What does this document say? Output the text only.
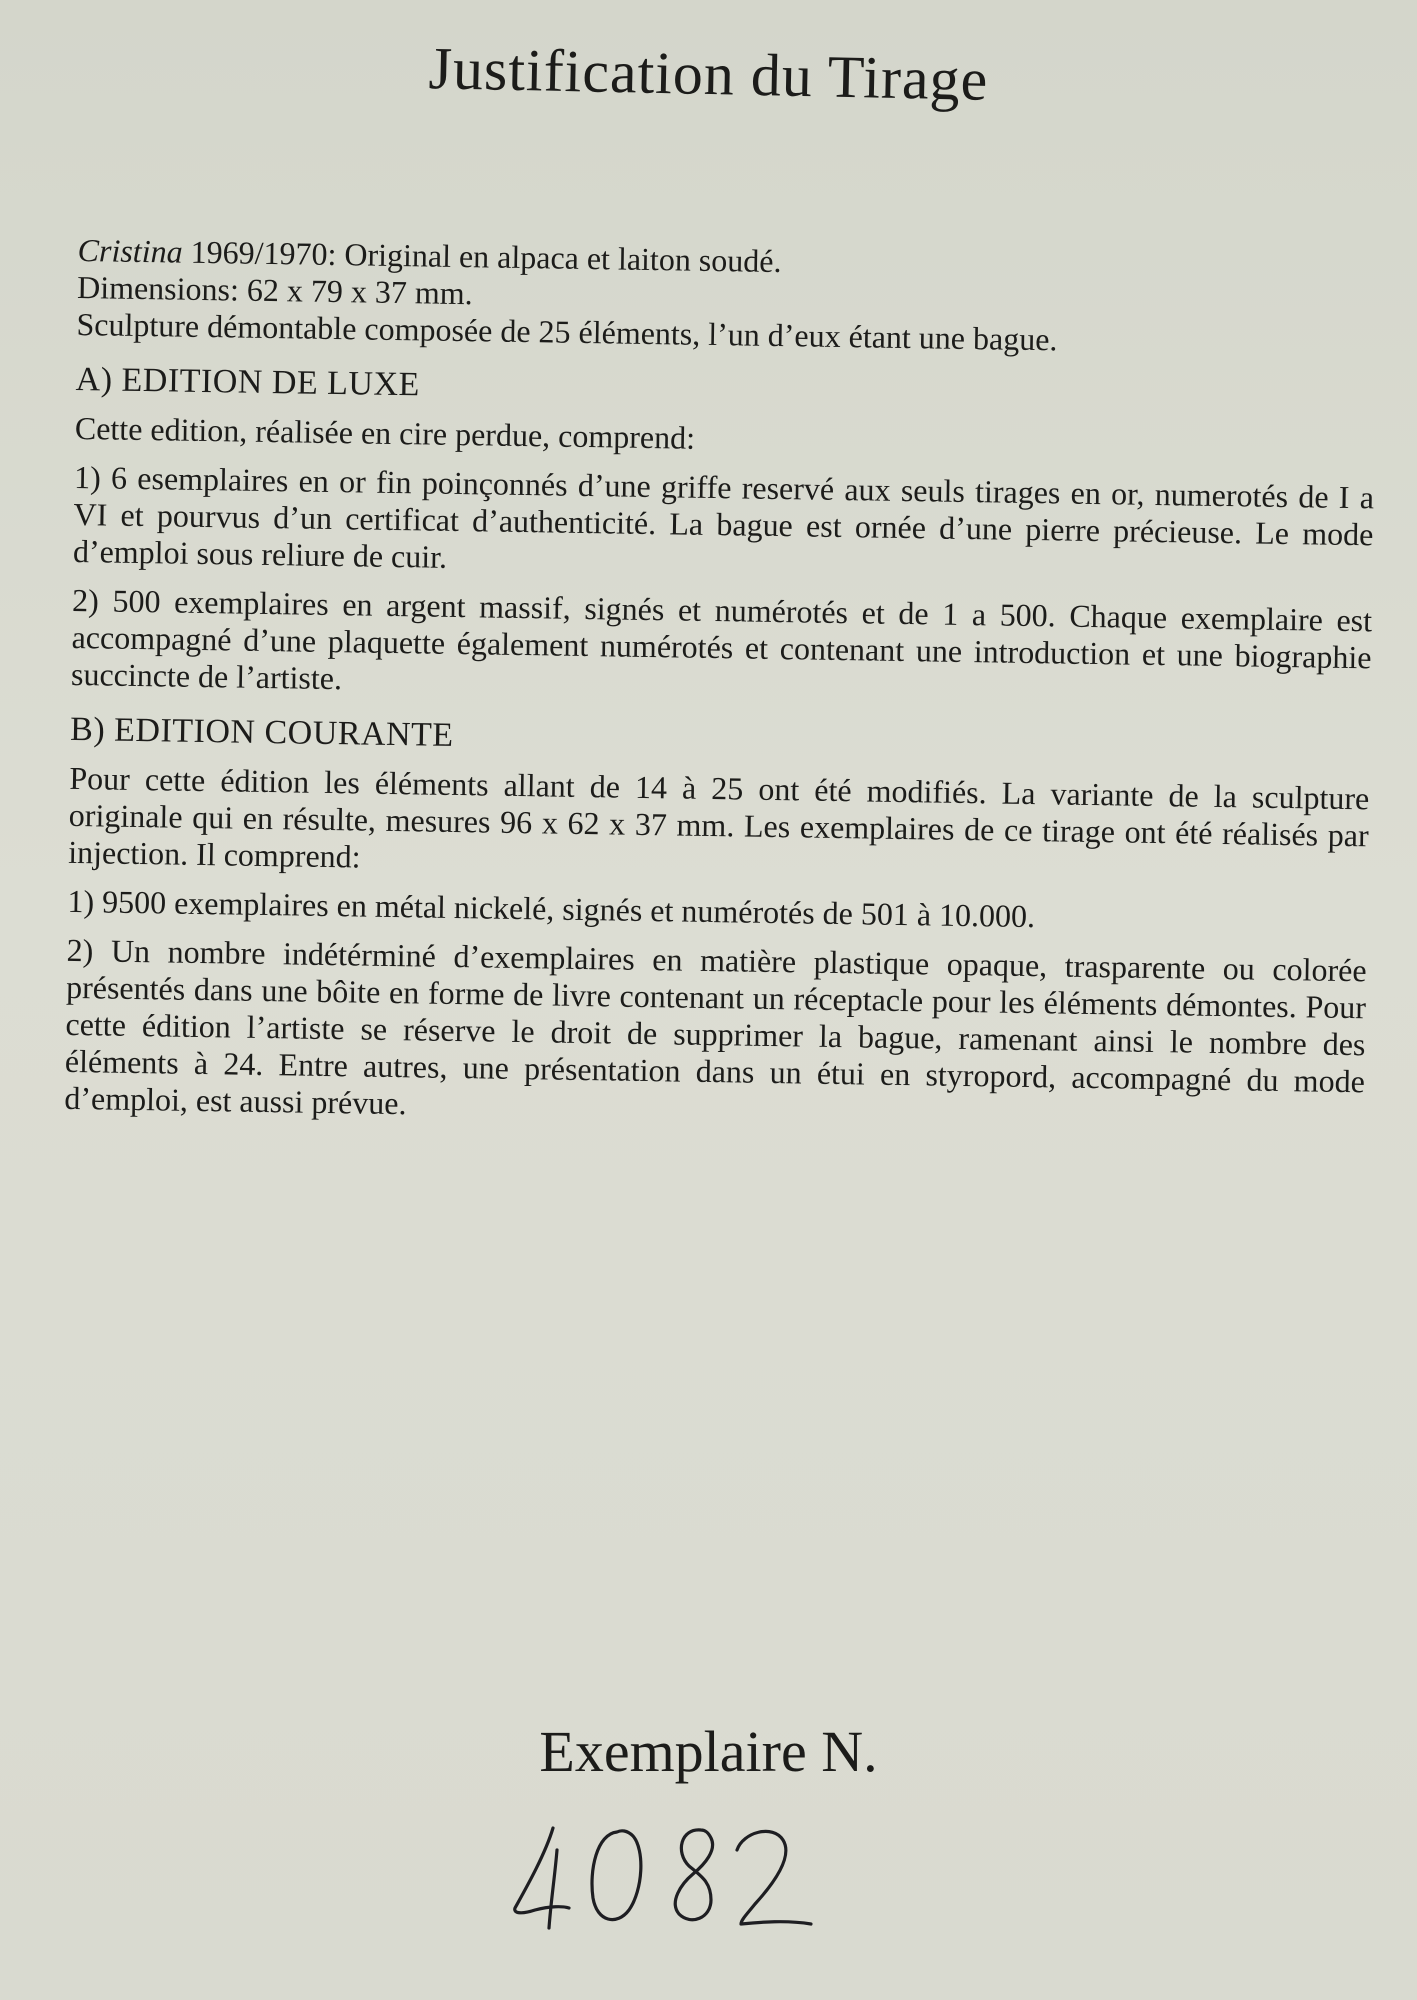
Justification du Tirage

Cristina 1969/1970: Original en alpaca et laiton soudé.

Dimensions: 62 x 79 x 37 mm.

Sculpture démontable composée de 25 éléments, l’un d’eux étant une bague.

A) EDITION DE LUXE

Cette edition, réalisée en cire perdue, comprend:

1) 6 esemplaires en or fin poinçonnés d’une griffe reservé aux seuls tirages en or, numerotés de I a VI et pourvus d’un certificat d’authenticité. La bague est ornée d’une pierre précieuse. Le mode d’emploi sous reliure de cuir.

2) 500 exemplaires en argent massif, signés et numérotés et de 1 a 500. Chaque exemplaire est accompagné d’une plaquette également numérotés et contenant une introduction et une biographie succincte de l’artiste.

B) EDITION COURANTE

Pour cette édition les éléments allant de 14 à 25 ont été modifiés. La variante de la sculpture originale qui en résulte, mesures 96 x 62 x 37 mm. Les exemplaires de ce tirage ont été réalisés par injection. Il comprend:

1) 9500 exemplaires en métal nickelé, signés et numérotés de 501 à 10.000.

2) Un nombre indétérminé d’exemplaires en matière plastique opaque, trasparente ou colorée présentés dans une bôite en forme de livre contenant un réceptacle pour les éléments démontes. Pour cette édition l’artiste se réserve le droit de supprimer la bague, ramenant ainsi le nombre des éléments à 24. Entre autres, une présentation dans un étui en styropord, accompagné du mode d’emploi, est aussi prévue.

Exemplaire N.
